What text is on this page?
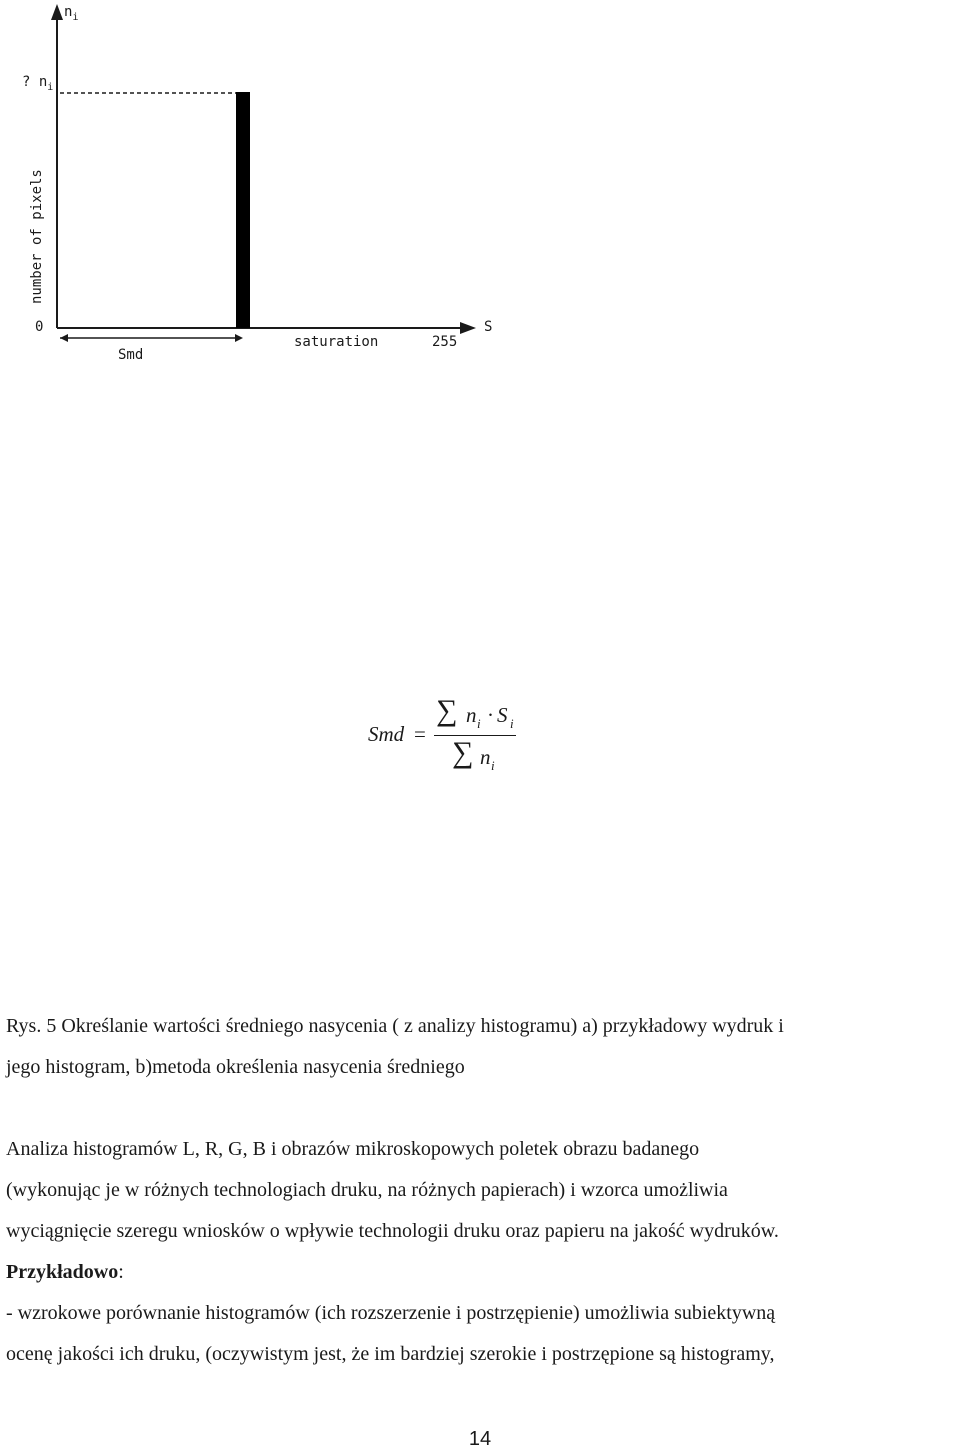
$n_i$
? $n_i$
number of pixels
0
saturation	255
S
Smd
Smd =
∑ n i · S i
∑ n i
Rys. 5 Określanie wartości średniego nasycenia ( z analizy histogramu) a) przykładowy wydruk i
jego histogram, b)metoda określenia nasycenia średniego
Analiza histogramów L, R, G, B i obrazów mikroskopowych poletek obrazu badanego
(wykonując je w różnych technologiach druku, na różnych papierach) i wzorca umożliwia
wyciągnięcie szeregu wniosków o wpływie technologii druku oraz papieru na jakość wydruków.
Przykładowo:
- wzrokowe porównanie histogramów (ich rozszerzenie i postrzępienie) umożliwia subiektywną
ocenę jakości ich druku, (oczywistym jest, że im bardziej szerokie i postrzępione są histogramy,
14
